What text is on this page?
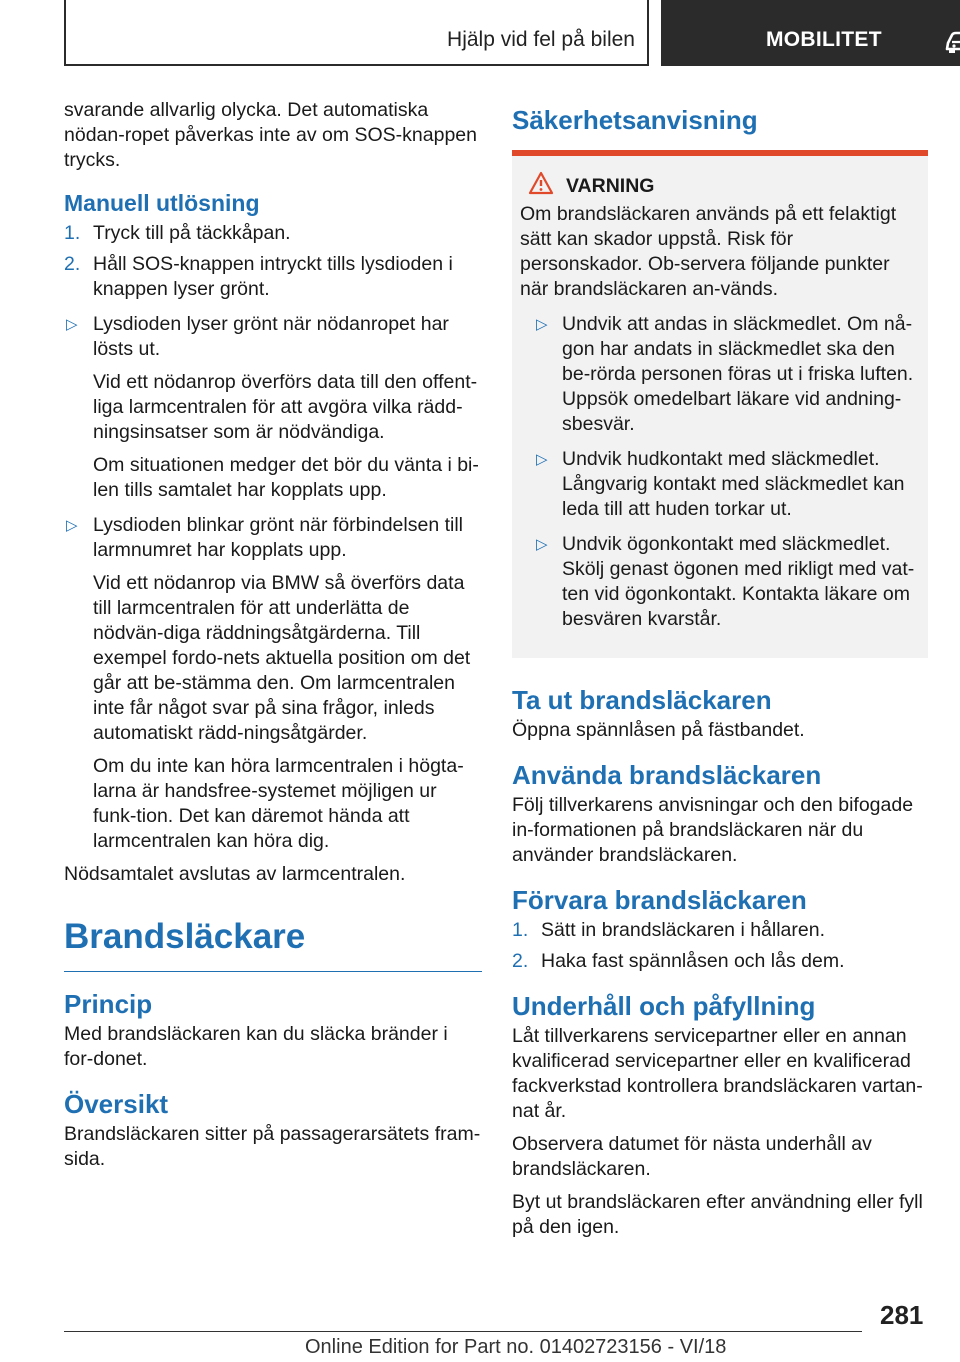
Hjälp vid fel på bilen	MOBILITET

svarande allvarlig olycka. Det automatiska nödan-ropet påverkas inte av om SOS-knappen trycks.

Manuell utlösning
1. Tryck till på täckkåpan.
2. Håll SOS-knappen intryckt tills lysdioden i knappen lyser grönt.
▷ Lysdioden lyser grönt när nödanropet har lösts ut.

Vid ett nödanrop överförs data till den offent-liga larmcentralen för att avgöra vilka rädd-ningsinsatser som är nödvändiga.

Om situationen medger det bör du vänta i bi-len tills samtalet har kopplats upp.

▷ Lysdioden blinkar grönt när förbindelsen till larmnumret har kopplats upp.

Vid ett nödanrop via BMW så överförs data till larmcentralen för att underlätta de nödvän-diga räddningsåtgärderna. Till exempel fordo-nets aktuella position om det går att be-stämma den. Om larmcentralen inte får något svar på sina frågor, inleds automatiskt rädd-ningsåtgärder.

Om du inte kan höra larmcentralen i högta-larna är handsfree-systemet möjligen ur funk-tion. Det kan däremot hända att larmcentralen kan höra dig.

Nödsamtalet avslutas av larmcentralen.

Brandsläckare
Princip

Med brandsläckaren kan du släcka bränder i for-donet.

Översikt

Brandsläckaren sitter på passagerarsätets fram-sida.

Säkerhetsanvisning
VARNING

Om brandsläckaren används på ett felaktigt sätt kan skador uppstå. Risk för personskador. Ob-servera följande punkter när brandsläckaren an-vänds.

▷ Undvik att andas in släckmedlet. Om nå-gon har andats in släckmedlet ska den be-rörda personen föras ut i friska luften. Uppsök omedelbart läkare vid andning-sbesvär.

▷ Undvik hudkontakt med släckmedlet. Långvarig kontakt med släckmedlet kan leda till att huden torkar ut.

▷ Undvik ögonkontakt med släckmedlet. Skölj genast ögonen med rikligt med vat-ten vid ögonkontakt. Kontakta läkare om besvären kvarstår.

Ta ut brandsläckaren

Öppna spännlåsen på fästbandet.

Använda brandsläckaren

Följ tillverkarens anvisningar och den bifogade in-formationen på brandsläckaren när du använder brandsläckaren.

Förvara brandsläckaren
1. Sätt in brandsläckaren i hållaren.
2. Haka fast spännlåsen och lås dem.
Underhåll och påfyllning

Låt tillverkarens servicepartner eller en annan kvalificerad servicepartner eller en kvalificerad fackverkstad kontrollera brandsläckaren vartan-nat år.

Observera datumet för nästa underhåll av brandsläckaren.

Byt ut brandsläckaren efter användning eller fyll på den igen.

281
Online Edition for Part no. 01402723156 - VI/18
